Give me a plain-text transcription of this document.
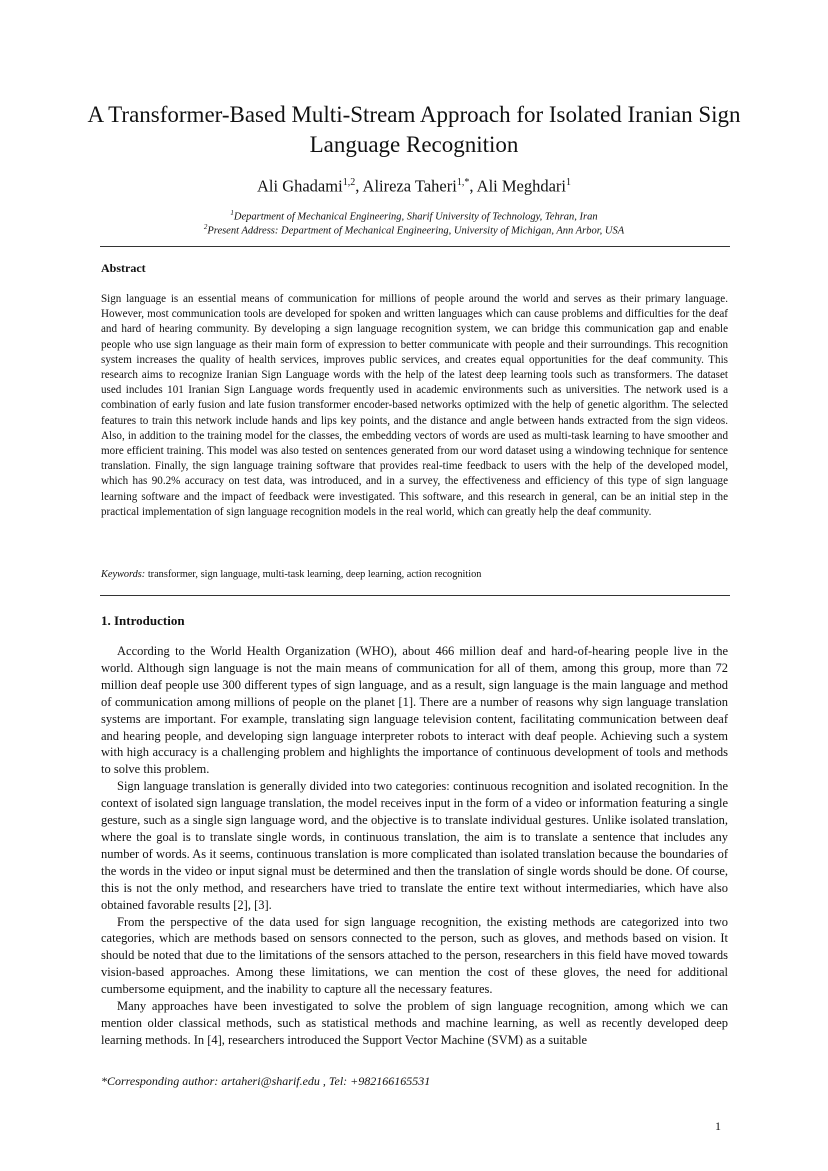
A Transformer-Based Multi-Stream Approach for Isolated Iranian Sign Language Recognition
Ali Ghadami$^{1,2}$, Alireza Taheri$^{1,*}$, Ali Meghdari$^1$
$^1$Department of Mechanical Engineering, Sharif University of Technology, Tehran, Iran
$^2$Present Address: Department of Mechanical Engineering, University of Michigan, Ann Arbor, USA
Abstract
Sign language is an essential means of communication for millions of people around the world and serves as their primary language. However, most communication tools are developed for spoken and written languages which can cause problems and difficulties for the deaf and hard of hearing community. By developing a sign language recognition system, we can bridge this communication gap and enable people who use sign language as their main form of expression to better communicate with people and their surroundings. This recognition system increases the quality of health services, improves public services, and creates equal opportunities for the deaf community. This research aims to recognize Iranian Sign Language words with the help of the latest deep learning tools such as transformers. The dataset used includes 101 Iranian Sign Language words frequently used in academic environments such as universities. The network used is a combination of early fusion and late fusion transformer encoder-based networks optimized with the help of genetic algorithm. The selected features to train this network include hands and lips key points, and the distance and angle between hands extracted from the sign videos. Also, in addition to the training model for the classes, the embedding vectors of words are used as multi-task learning to have smoother and more efficient training. This model was also tested on sentences generated from our word dataset using a windowing technique for sentence translation. Finally, the sign language training software that provides real-time feedback to users with the help of the developed model, which has 90.2% accuracy on test data, was introduced, and in a survey, the effectiveness and efficiency of this type of sign language learning software and the impact of feedback were investigated. This software, and this research in general, can be an initial step in the practical implementation of sign language recognition models in the real world, which can greatly help the deaf community.
Keywords: transformer, sign language, multi-task learning, deep learning, action recognition
1. Introduction

According to the World Health Organization (WHO), about 466 million deaf and hard-of-hearing people live in the world. Although sign language is not the main means of communication for all of them, among this group, more than 72 million deaf people use 300 different types of sign language, and as a result, sign language is the main language and method of communication among millions of people on the planet [1]. There are a number of reasons why sign language translation systems are important. For example, translating sign language television content, facilitating communication between deaf and hearing people, and developing sign language interpreter robots to interact with deaf people. Achieving such a system with high accuracy is a challenging problem and highlights the importance of continuous development of tools and methods to solve this problem.

Sign language translation is generally divided into two categories: continuous recognition and isolated recognition. In the context of isolated sign language translation, the model receives input in the form of a video or information featuring a single gesture, such as a single sign language word, and the objective is to translate individual gestures. Unlike isolated translation, where the goal is to translate single words, in continuous translation, the aim is to translate a sentence that includes any number of words. As it seems, continuous translation is more complicated than isolated translation because the boundaries of the words in the video or input signal must be determined and then the translation of single words should be done. Of course, this is not the only method, and researchers have tried to translate the entire text without intermediaries, which have also obtained favorable results [2], [3].

From the perspective of the data used for sign language recognition, the existing methods are categorized into two categories, which are methods based on sensors connected to the person, such as gloves, and methods based on vision. It should be noted that due to the limitations of the sensors attached to the person, researchers in this field have moved towards vision-based approaches. Among these limitations, we can mention the cost of these gloves, the need for additional cumbersome equipment, and the inability to capture all the necessary features.

Many approaches have been investigated to solve the problem of sign language recognition, among which we can mention older classical methods, such as statistical methods and machine learning, as well as recently developed deep learning methods. In [4], researchers introduced the Support Vector Machine (SVM) as a suitable

*Corresponding author: artaheri@sharif.edu , Tel: +982166165531
1
